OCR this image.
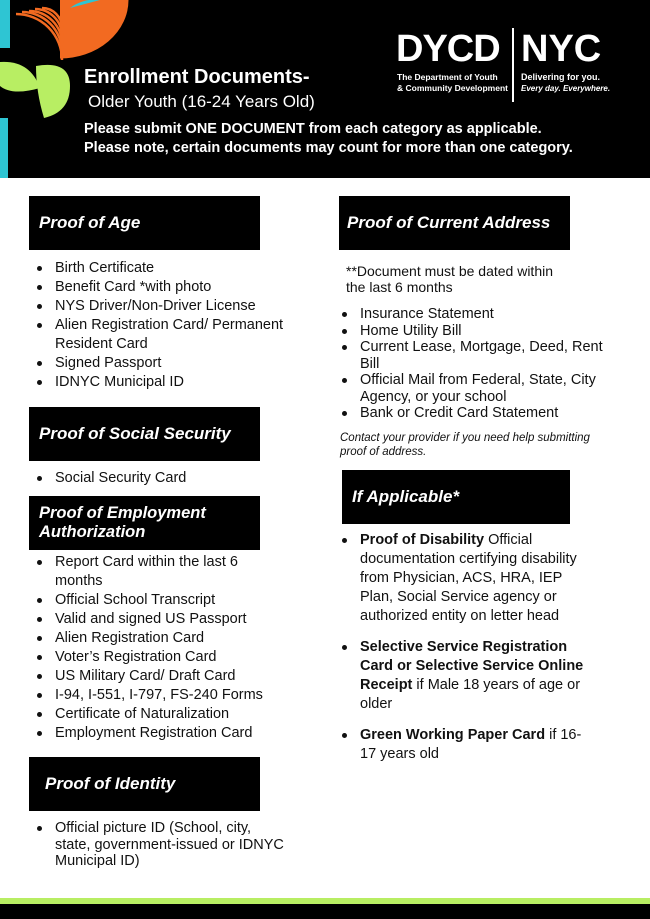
Enrollment Documents-
Older Youth (16-24 Years Old)
Please submit ONE DOCUMENT from each category as applicable.
Please note, certain documents may count for more than one category.
DYCD
The Department of Youth
& Community Development
NYC
Delivering for you.
Every day. Everywhere.
Proof of Age
Birth Certificate
Benefit Card *with photo
NYS Driver/Non-Driver License
Alien Registration Card/ Permanent Resident Card
Signed Passport
IDNYC Municipal ID
Proof of Social Security
Social Security Card
Proof of Employment
Authorization
Report Card within the last 6 months
Official School Transcript
Valid and signed US Passport
Alien Registration Card
Voter’s Registration Card
US Military Card/ Draft Card
I-94, I-551, I-797, FS-240 Forms
Certificate of Naturalization
Employment Registration Card
Proof of Identity
Official picture ID (School, city, state, government-issued or IDNYC Municipal ID)
Proof of Current Address
**Document must be dated within the last 6 months
Insurance Statement
Home Utility Bill
Current Lease, Mortgage, Deed, Rent Bill
Official Mail from Federal, State, City Agency, or your school
Bank or Credit Card Statement
Contact your provider if you need help submitting proof of address.
If Applicable*
Proof of Disability Official documentation certifying disability from Physician, ACS, HRA, IEP Plan, Social Service agency or authorized entity on letter head
Selective Service Registration Card or Selective Service Online Receipt if Male 18 years of age or older
Green Working Paper Card if 16-17 years old
